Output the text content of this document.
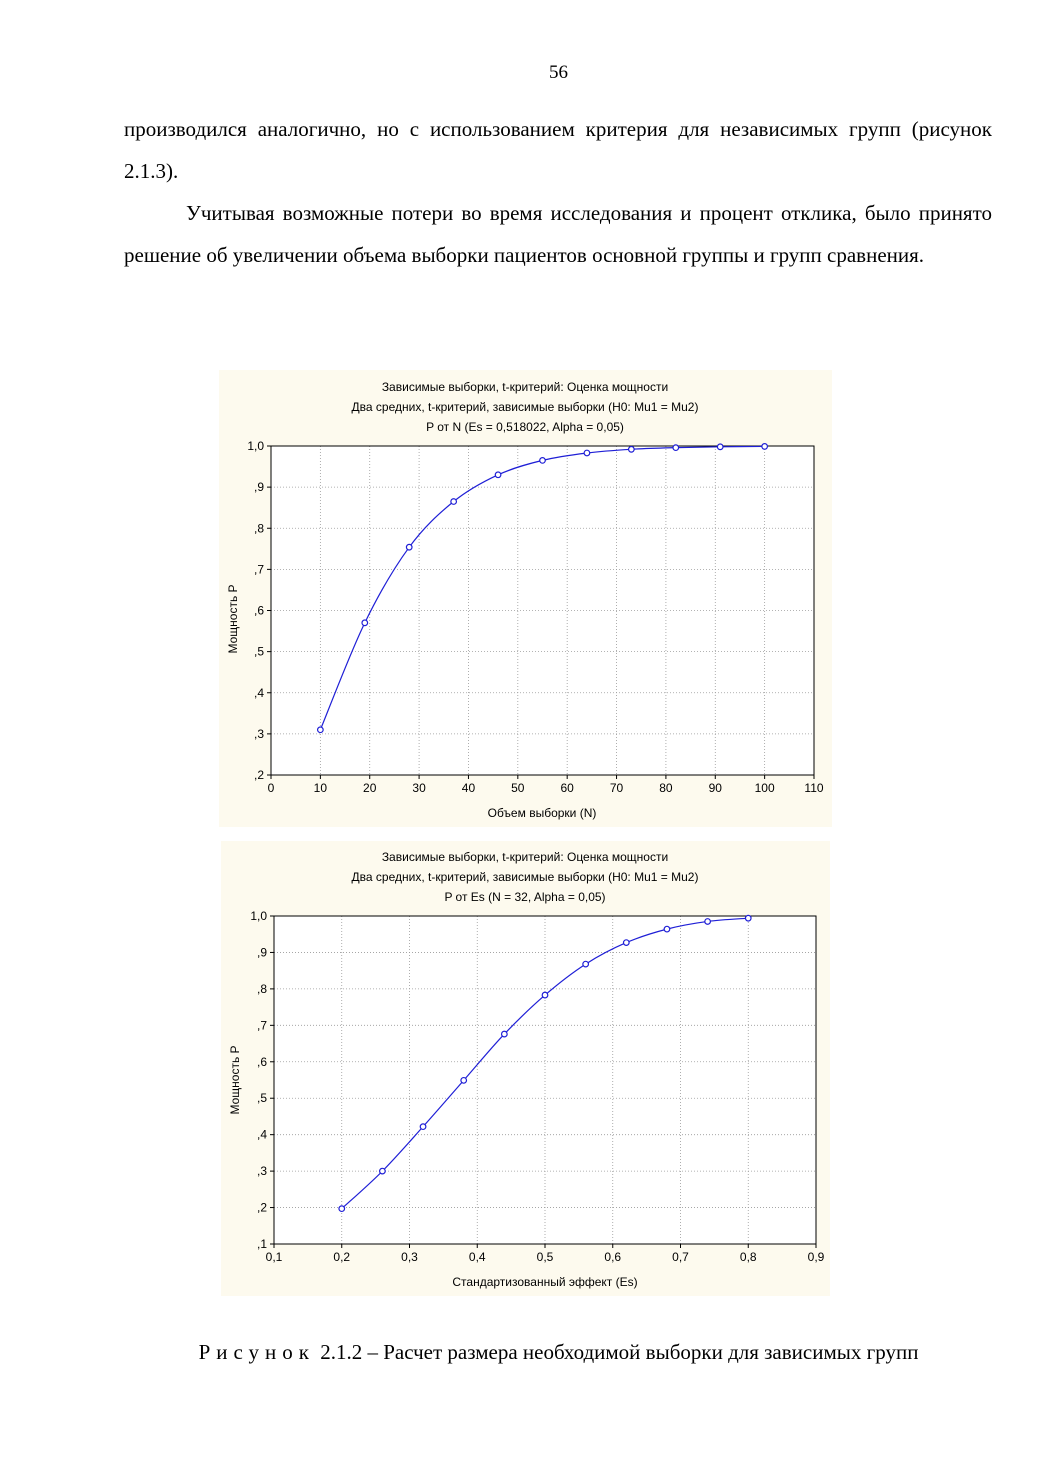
56

производился аналогично, но с использованием критерия для независимых групп (рисунок 2.1.3).

Учитывая возможные потери во время исследования и процент отклика, было принято решение об увеличении объема выборки пациентов основной группы и групп сравнения.

Зависимые выборки, t-критерий: Оценка мощности
Два средних, t-критерий, зависимые выборки (H0: Mu1 = Mu2)
P от N (Es = 0,518022, Alpha = 0,05)
Объем выборки (N)
Мощность P
0	10	20	30	40	50	60	70	80	90	100 110
,2
,3
,4
,5
,6
,7
,8
,9
1,0
Зависимые выборки, t-критерий: Оценка мощности
Два средних, t-критерий, зависимые выборки (H0: Mu1 = Mu2)
P от Es (N = 32, Alpha = 0,05)
Стандартизованный эффект (Es)
Мощность P
0,1	0,2	0,3	0,4	0,5	0,6	0,7	0,8	0,9
,1
,2
,3
,4
,5
,6
,7
,8
,9
1,0
Рисунок 2.1.2 – Расчет размера необходимой выборки для зависимых групп
